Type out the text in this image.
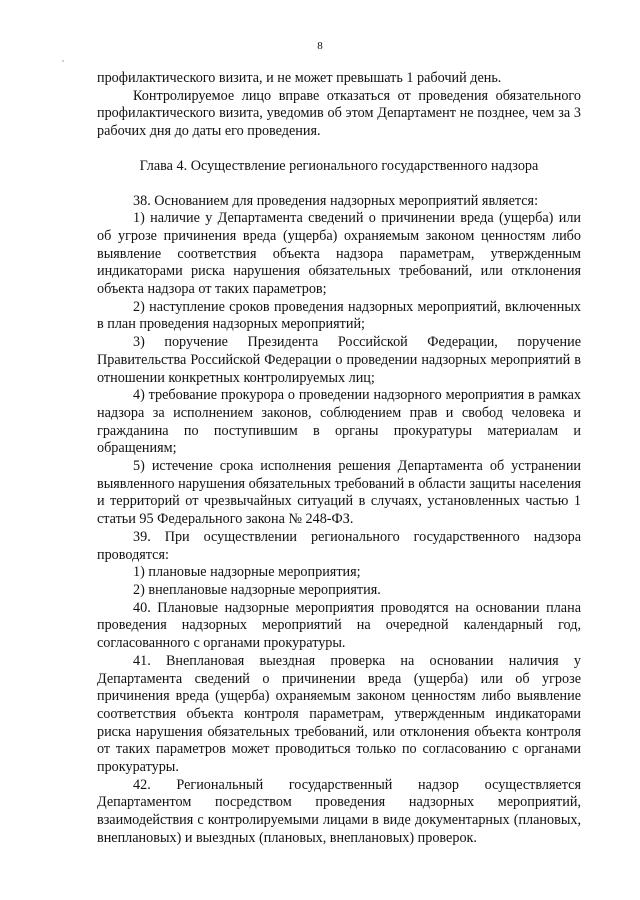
8

профилактического визита, и не может превышать 1 рабочий день.

Контролируемое лицо вправе отказаться от проведения обязательного профилактического визита, уведомив об этом Департамент не позднее, чем за 3 рабочих дня до даты его проведения.

Глава 4. Осуществление регионального государственного надзора

38. Основанием для проведения надзорных мероприятий является:

1) наличие у Департамента сведений о причинении вреда (ущерба) или об угрозе причинения вреда (ущерба) охраняемым законом ценностям либо выявление соответствия объекта надзора параметрам, утвержденным индикаторами риска нарушения обязательных требований, или отклонения объекта надзора от таких параметров;

2) наступление сроков проведения надзорных мероприятий, включенных в план проведения надзорных мероприятий;

3) поручение Президента Российской Федерации, поручение Правительства Российской Федерации о проведении надзорных мероприятий в отношении конкретных контролируемых лиц;

4) требование прокурора о проведении надзорного мероприятия в рамках надзора за исполнением законов, соблюдением прав и свобод человека и гражданина по поступившим в органы прокуратуры материалам и обращениям;

5) истечение срока исполнения решения Департамента об устранении выявленного нарушения обязательных требований в области защиты населения и территорий от чрезвычайных ситуаций в случаях, установленных частью 1 статьи 95 Федерального закона № 248-ФЗ.

39. При осуществлении регионального государственного надзора проводятся:

1) плановые надзорные мероприятия;

2) внеплановые надзорные мероприятия.

40. Плановые надзорные мероприятия проводятся на основании плана проведения надзорных мероприятий на очередной календарный год, согласованного с органами прокуратуры.

41. Внеплановая выездная проверка на основании наличия у Департамента сведений о причинении вреда (ущерба) или об угрозе причинения вреда (ущерба) охраняемым законом ценностям либо выявление соответствия объекта контроля параметрам, утвержденным индикаторами риска нарушения обязательных требований, или отклонения объекта контроля от таких параметров может проводиться только по согласованию с органами прокуратуры.

42. Региональный государственный надзор осуществляется Департаментом посредством проведения надзорных мероприятий, взаимодействия с контролируемыми лицами в виде документарных (плановых, внеплановых) и выездных (плановых, внеплановых) проверок.
